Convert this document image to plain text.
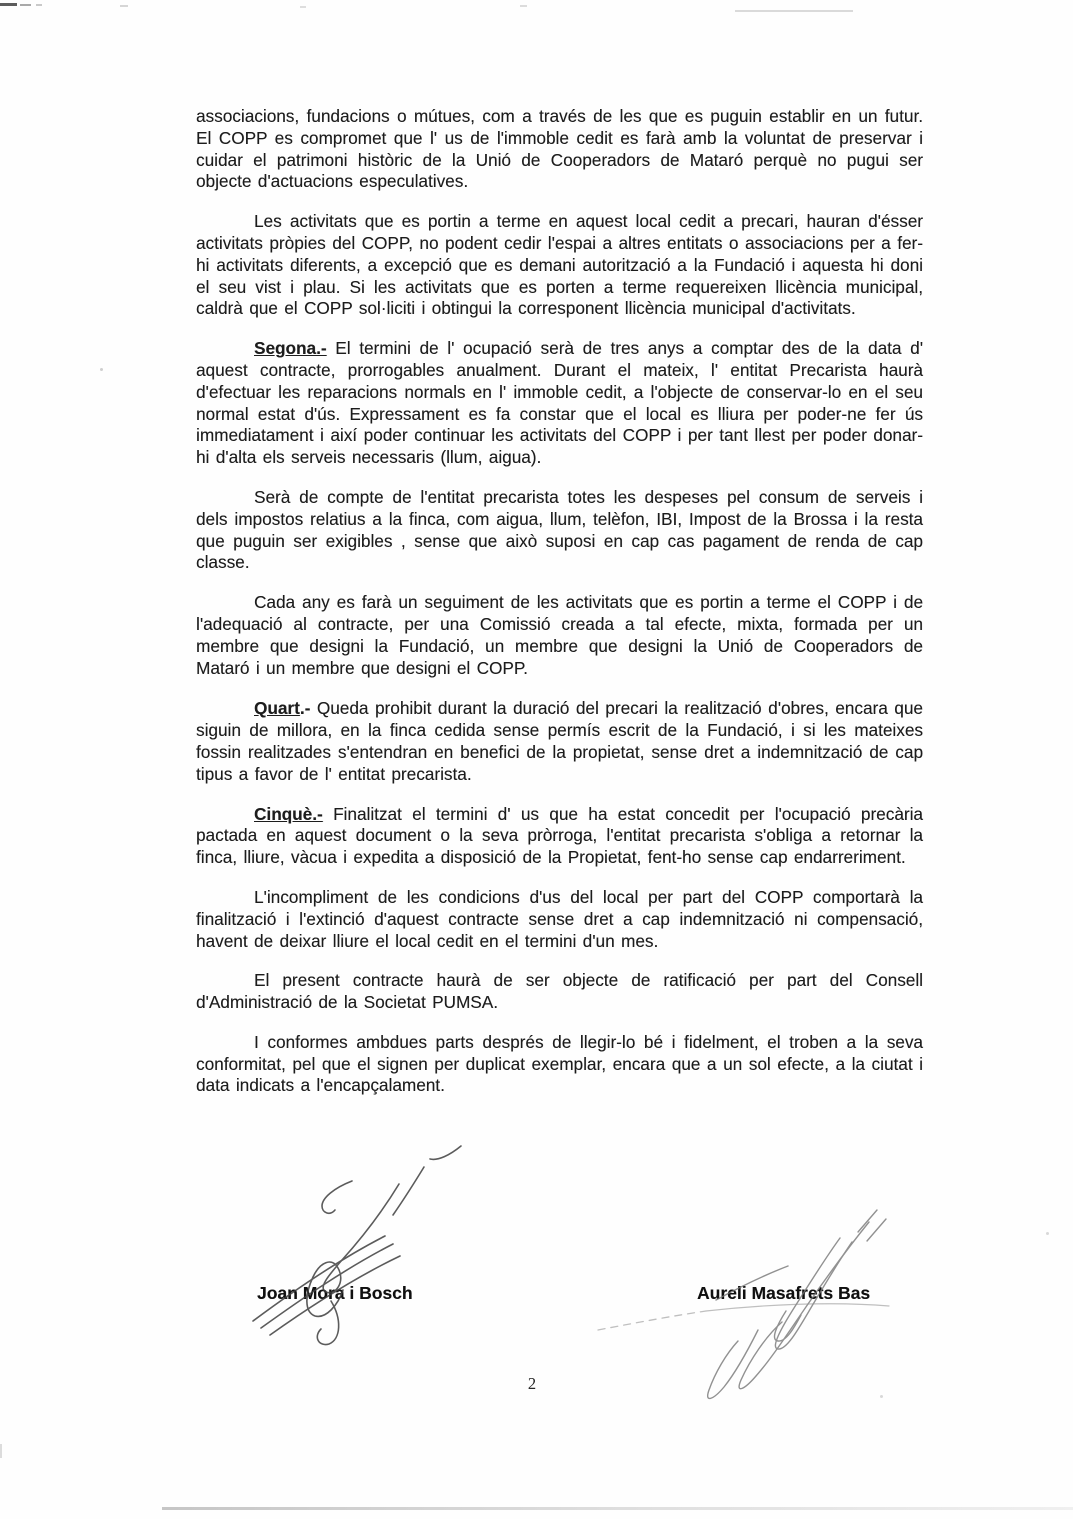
associacions, fundacions o mútues, com a través de les que es puguin establir en un futur. El COPP es compromet que l' us de l'immoble cedit es farà amb la voluntat de preservar i cuidar el patrimoni històric de la Unió de Cooperadors de Mataró perquè no pugui ser objecte d'actuacions especulatives.

Les activitats que es portin a terme en aquest local cedit a precari, hauran d'ésser activitats pròpies del COPP, no podent cedir l'espai a altres entitats o associacions per a fer-hi activitats diferents, a excepció que es demani autorització a la Fundació i aquesta hi doni el seu vist i plau. Si les activitats que es porten a terme requereixen llicència municipal, caldrà que el COPP sol·liciti i obtingui la corresponent llicència municipal d'activitats.

Segona.- El termini de l' ocupació serà de tres anys a comptar des de la data d' aquest contracte, prorrogables anualment. Durant el mateix, l' entitat Precarista haurà d'efectuar les reparacions normals en l' immoble cedit, a l'objecte de conservar-lo en el seu normal estat d'ús. Expressament es fa constar que el local es lliura per poder-ne fer ús immediatament i així poder continuar les activitats del COPP i per tant llest per poder donar-hi d'alta els serveis necessaris (llum, aigua).

Serà de compte de l'entitat precarista totes les despeses pel consum de serveis i dels impostos relatius a la finca, com aigua, llum, telèfon, IBI, Impost de la Brossa i la resta que puguin ser exigibles , sense que això suposi en cap cas pagament de renda de cap classe.

Cada any es farà un seguiment de les activitats que es portin a terme el COPP i de l'adequació al contracte, per una Comissió creada a tal efecte, mixta, formada per un membre que designi la Fundació, un membre que designi la Unió de Cooperadors de Mataró i un membre que designi el COPP.

Quart.- Queda prohibit durant la duració del precari la realització d'obres, encara que siguin de millora, en la finca cedida sense permís escrit de la Fundació, i si les mateixes fossin realitzades s'entendran en benefici de la propietat, sense dret a indemnització de cap tipus a favor de l' entitat precarista.

Cinquè.- Finalitzat el termini d' us que ha estat concedit per l'ocupació precària pactada en aquest document o la seva pròrroga, l'entitat precarista s'obliga a retornar la finca, lliure, vàcua i expedita a disposició de la Propietat, fent-ho sense cap endarreriment.

L'incompliment de les condicions d'us del local per part del COPP comportarà la finalització i l'extinció d'aquest contracte sense dret a cap indemnització ni compensació, havent de deixar lliure el local cedit en el termini d'un mes.

El present contracte haurà de ser objecte de ratificació per part del Consell d'Administració de la Societat PUMSA.

I conformes ambdues parts després de llegir-lo bé i fidelment, el troben a la seva conformitat, pel que el signen per duplicat exemplar, encara que a un sol efecte, a la ciutat i data indicats a l'encapçalament.

Joan Mora i Bosch	Aureli Masafrets Bas
2
